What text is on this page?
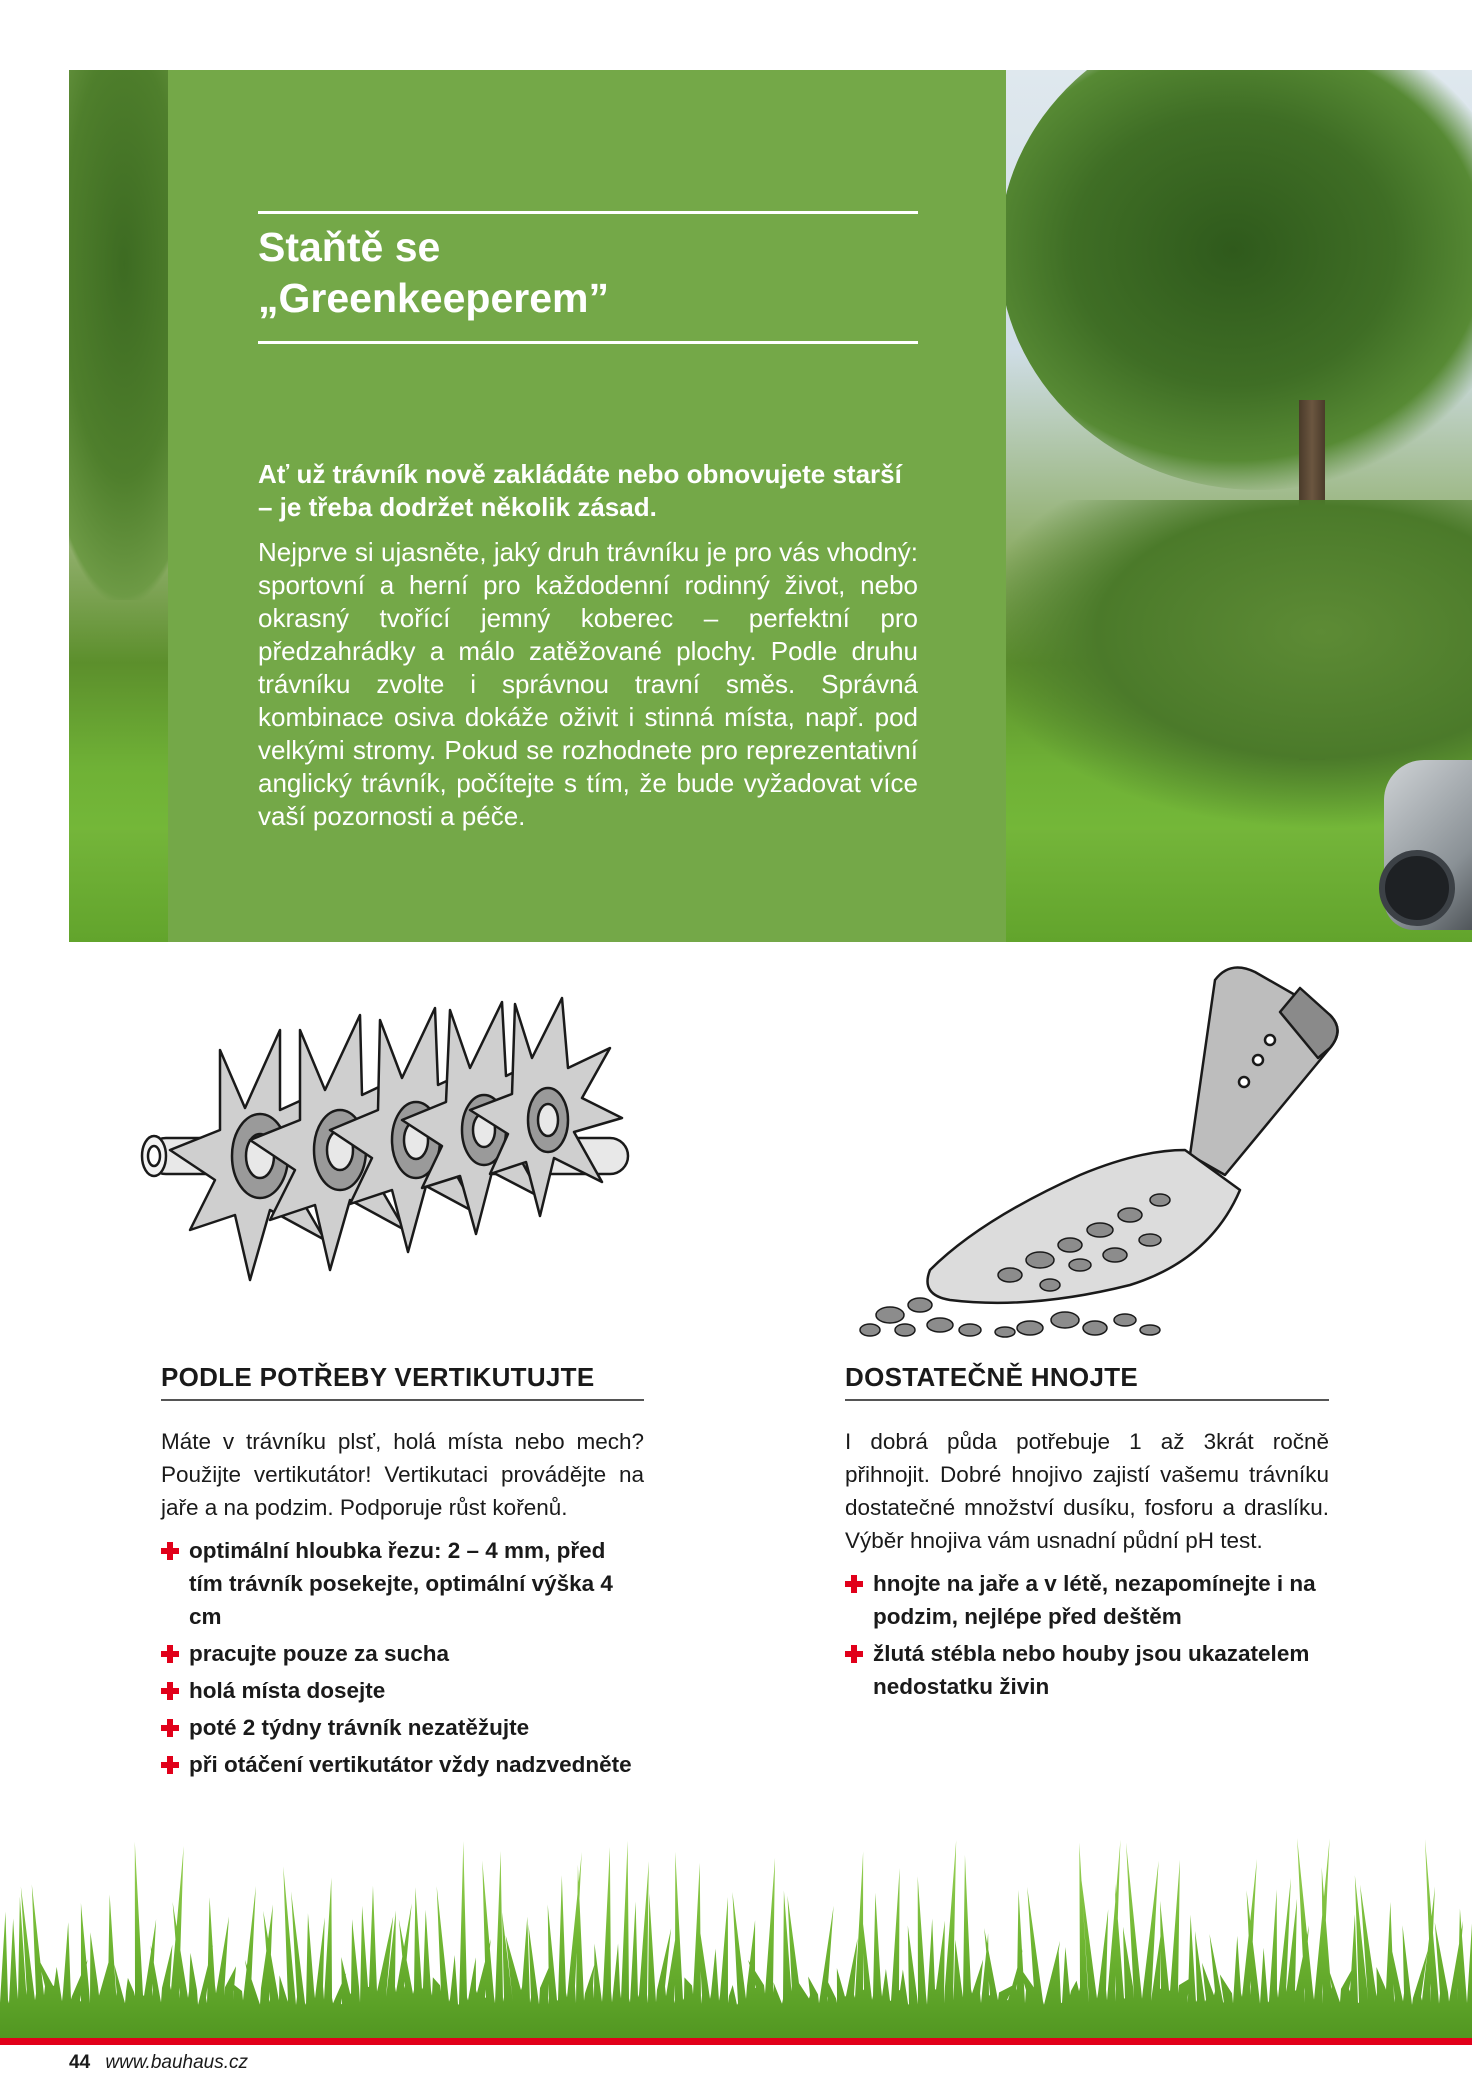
Staňtě se
„Greenkeeperem”

Ať už trávník nově zakládáte nebo obnovujete starší – je třeba dodržet několik zásad.

Nejprve si ujasněte, jaký druh trávníku je pro vás vhodný: sportovní a herní pro každodenní rodinný život, nebo okrasný tvořící jemný koberec – perfektní pro předzahrádky a málo zatěžované plochy. Podle druhu trávníku zvolte i správnou travní směs. Správná kombinace osiva dokáže oživit i stinná místa, např. pod velkými stromy. Pokud se rozhodnete pro reprezentativní anglický trávník, počítejte s tím, že bude vyžadovat více vaší pozornosti a péče.

PODLE POTŘEBY VERTIKUTUJTE

Máte v trávníku plsť, holá místa nebo mech? Použijte vertikutátor! Vertikutaci provádějte na jaře a na podzim. Podporuje růst kořenů.

optimální hloubka řezu: 2 – 4 mm, před tím trávník posekejte, optimální výška 4 cm
pracujte pouze za sucha
holá místa dosejte
poté 2 týdny trávník nezatěžujte
při otáčení vertikutátor vždy nadzvedněte
DOSTATEČNĚ HNOJTE

I dobrá půda potřebuje 1 až 3krát ročně přihnojit. Dobré hnojivo zajistí vašemu trávníku dostatečné množství dusíku, fosforu a draslíku. Výběr hnojiva vám usnadní půdní pH test.

hnojte na jaře a v létě, nezapomínejte i na podzim, nejlépe před deštěm
žlutá stébla nebo houby jsou ukazatelem nedostatku živin
44 www.bauhaus.cz
